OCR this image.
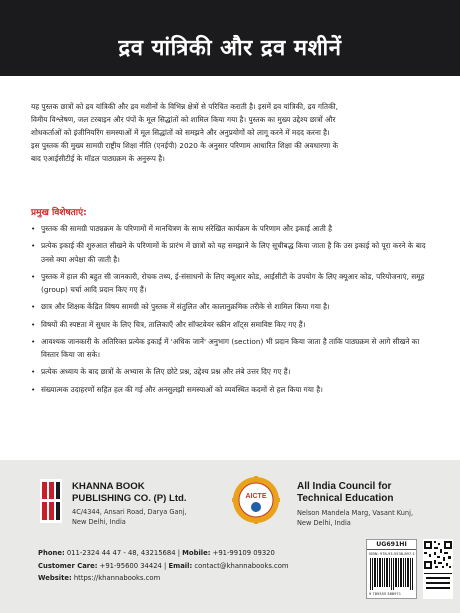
द्रव यांत्रिकी और द्रव मशीनें

यह पुस्तक छात्रों को द्रव यांत्रिकी और द्रव मशीनों के विभिन्न क्षेत्रों से परिचित कराती है। इसमें द्रव यांत्रिकी, द्रव गतिकी,

विमीय विश्लेषण, जल टरबाइन और पंपों के मूल सिद्धांतों को शामिल किया गया है। पुस्तक का मुख्य उद्देश्य छात्रों और

शोधकर्ताओं को इंजीनियरिंग समस्याओं में मूल सिद्धांतों को समझने और अनुप्रयोगों को लागू करने में मदद करना है।

इस पुस्तक की मुख्य सामग्री राष्ट्रीय शिक्षा नीति (एनईपी) 2020 के अनुसार परिणाम आधारित शिक्षा की अवधारणा के

बाद एआईसीटीई के मॉडल पाठ्यक्रम के अनुरूप है।

प्रमुख विशेषताएं:
• पुस्तक की सामग्री पाठ्यक्रम के परिणामों में मानचित्रण के साथ संरेखित कार्यक्रम के परिणाम और इकाई आती है
• प्रत्येक इकाई की शुरुआत सीखने के परिणामों के प्रारंभ में छात्रों को यह समझाने के लिए सूचीबद्ध किया जाता है कि उस इकाई को पूरा करने के बाद उनसे क्या अपेक्षा की जाती है।
• पुस्तक में हाल की बहुत सी जानकारी, रोचक तथ्य, ई-संसाधनों के लिए क्यूआर कोड, आईसीटी के उपयोग के लिए क्यूआर कोड, परियोजनाएं, समूह (group) चर्चा आदि प्रदान किए गए हैं।
• छात्र और शिक्षक केंद्रित विषय सामग्री को पुस्तक में संतुलित और कालानुक्रमिक तरीके से शामिल किया गया है।
• विषयों की स्पष्टता में सुधार के लिए चित्र, तालिकाएँ और सॉफ्टवेयर स्क्रीन शॉट्स समाविष्ट किए गए हैं।
• आवश्यक जानकारी के अतिरिक्त प्रत्येक इकाई में 'अधिक जानें' अनुभाग (section) भी प्रदान किया जाता है ताकि पाठ्यक्रम से आगे सीखने का विस्तार किया जा सके।
• प्रत्येक अध्याय के बाद छात्रों के अभ्यास के लिए छोटे प्रश्न, उद्देश्य प्रश्न और लंबे उत्तर दिए गए हैं।
• संख्यात्मक उदाहरणों सहित हल की गई और अनसुलझी समस्याओं को व्यवस्थित कदमों से हल किया गया है।
KHANNA BOOK
PUBLISHING CO. (P) Ltd.
4C/4344, Ansari Road, Darya Ganj,
New Delhi, India
AICTE
All India Council for
Technical Education
Nelson Mandela Marg, Vasant Kunj,
New Delhi, India
Phone: 011-2324 44 47 - 48, 43215684 | Mobile: +91-99109 09320
Customer Care: +91-95600 34424 | Email: contact@khannabooks.com
Website: https://khannabooks.com
UG691HI
ISBN: 978-93-5538-897-1
9 789355 388971
